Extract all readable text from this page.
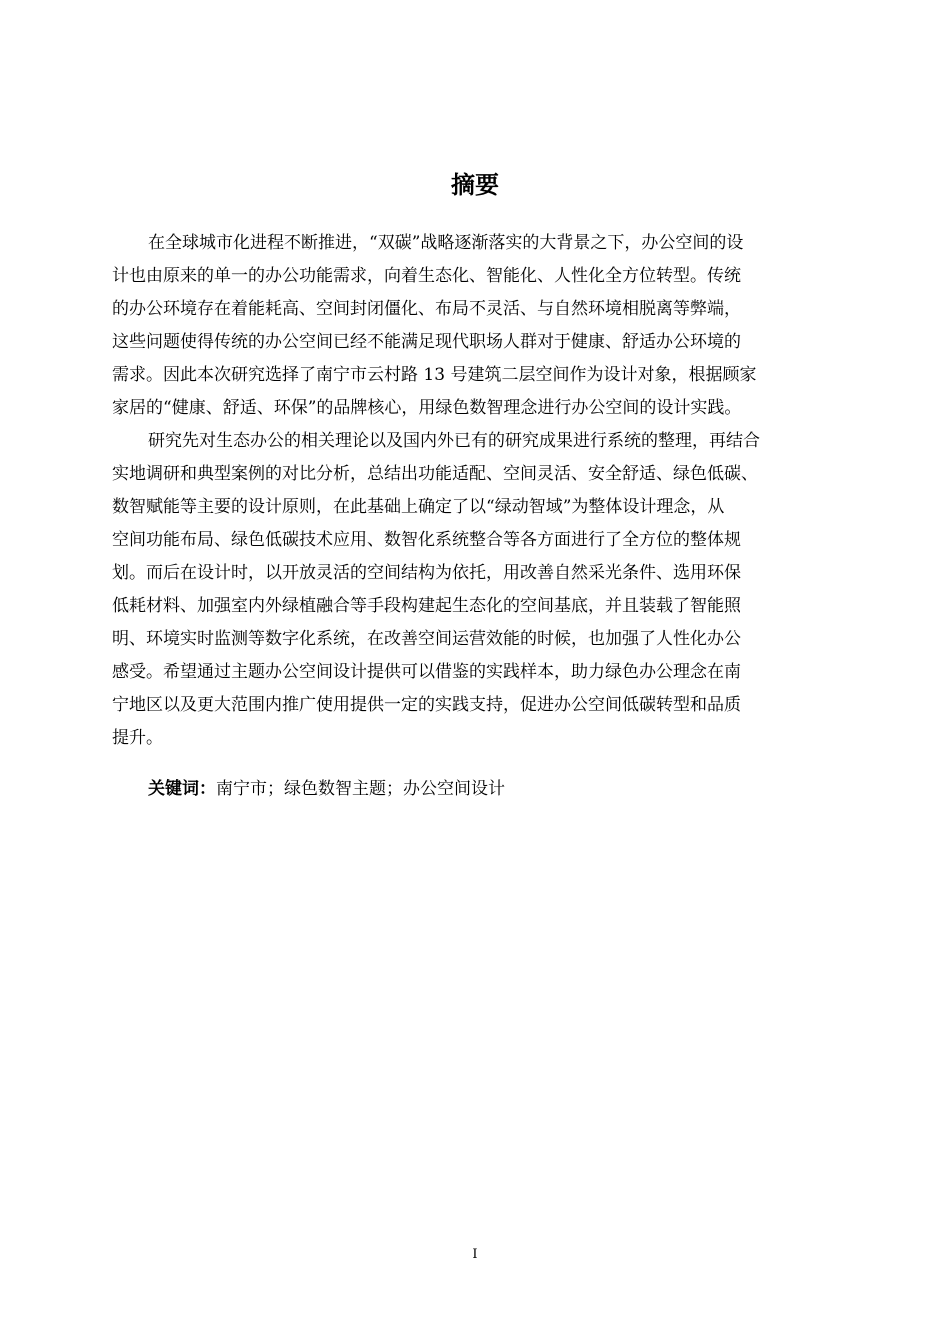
摘要
在全球城市化进程不断推进，“双碳”战略逐渐落实的大背景之下，办公空间的设
计也由原来的单一的办公功能需求，向着生态化、智能化、人性化全方位转型。传统
的办公环境存在着能耗高、空间封闭僵化、布局不灵活、与自然环境相脱离等弊端，
这些问题使得传统的办公空间已经不能满足现代职场人群对于健康、舒适办公环境的
需求。因此本次研究选择了南宁市云村路 13 号建筑二层空间作为设计对象，根据顾家
家居的“健康、舒适、环保”的品牌核心，用绿色数智理念进行办公空间的设计实践。
研究先对生态办公的相关理论以及国内外已有的研究成果进行系统的整理，再结合
实地调研和典型案例的对比分析，总结出功能适配、空间灵活、安全舒适、绿色低碳、
数智赋能等主要的设计原则，在此基础上确定了以“绿动智域”为整体设计理念，从
空间功能布局、绿色低碳技术应用、数智化系统整合等各方面进行了全方位的整体规
划。而后在设计时，以开放灵活的空间结构为依托，用改善自然采光条件、选用环保
低耗材料、加强室内外绿植融合等手段构建起生态化的空间基底，并且装载了智能照
明、环境实时监测等数字化系统，在改善空间运营效能的时候，也加强了人性化办公
感受。希望通过主题办公空间设计提供可以借鉴的实践样本，助力绿色办公理念在南
宁地区以及更大范围内推广使用提供一定的实践支持，促进办公空间低碳转型和品质
提升。
关键词：南宁市；绿色数智主题；办公空间设计
I
